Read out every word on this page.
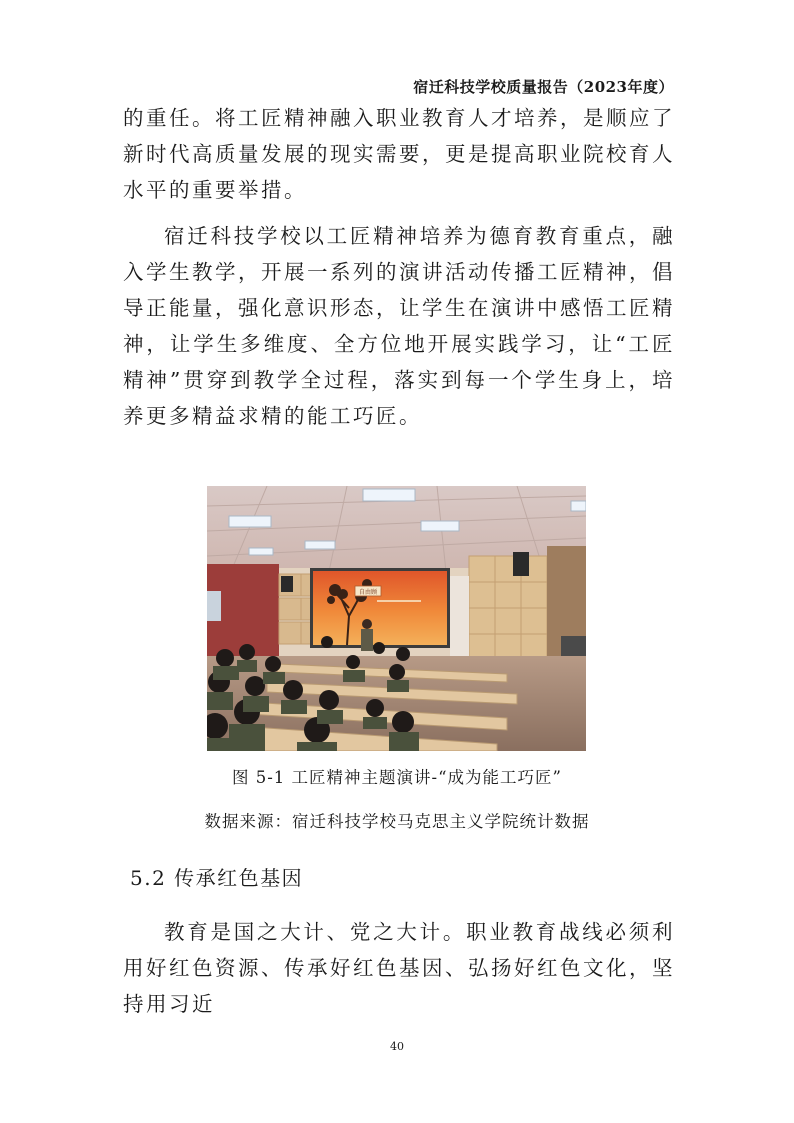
宿迁科技学校质量报告（2023年度）
的重任。将工匠精神融入职业教育人才培养，是顺应了新时代高质量发展的现实需要，更是提高职业院校育人水平的重要举措。
宿迁科技学校以工匠精神培养为德育教育重点，融入学生教学，开展一系列的演讲活动传播工匠精神，倡导正能量，强化意识形态，让学生在演讲中感悟工匠精神，让学生多维度、全方位地开展实践学习，让“工匠精神”贯穿到教学全过程，落实到每一个学生身上，培养更多精益求精的能工巧匠。
自由顾
图 5-1 工匠精神主题演讲-“成为能工巧匠”
数据来源：宿迁科技学校马克思主义学院统计数据
5.2 传承红色基因
教育是国之大计、党之大计。职业教育战线必须利用好红色资源、传承好红色基因、弘扬好红色文化，坚持用习近
40
